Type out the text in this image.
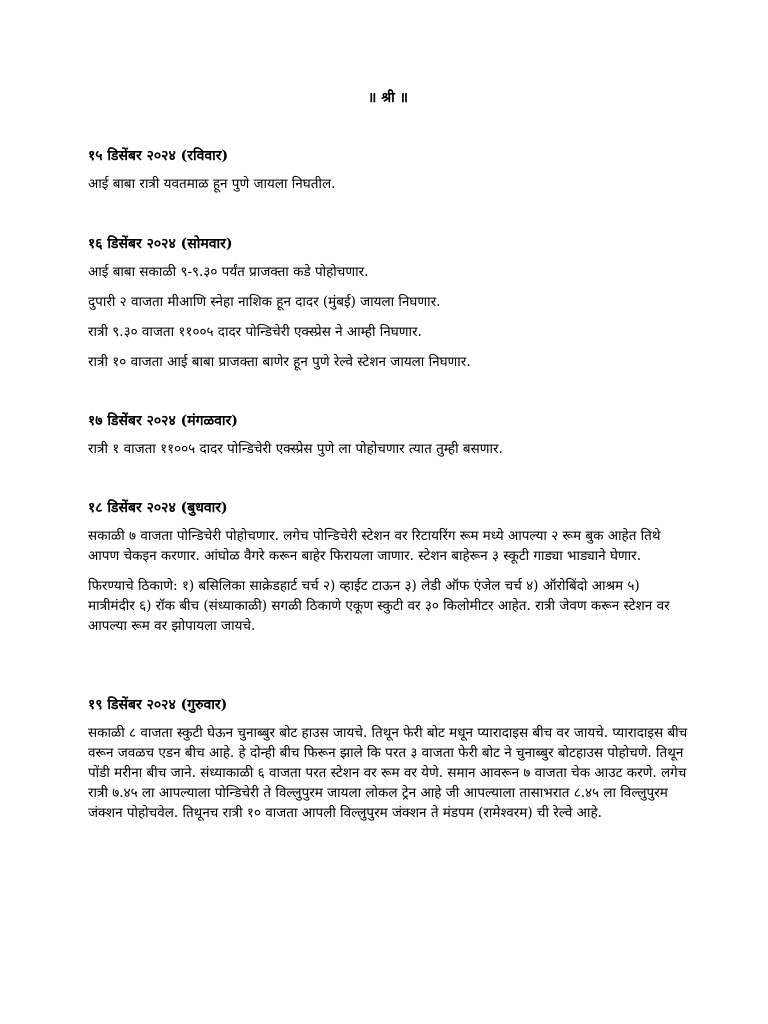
॥ श्री ॥
१५ डिसेंबर २०२४ (रविवार)
आई बाबा रात्री यवतमाळ हून पुणे जायला निघतील.
१६ डिसेंबर २०२४ (सोमवार)
आई बाबा सकाळी ९-९.३० पर्यंत प्राजक्ता कडे पोहोचणार.
दुपारी २ वाजता मीआणि स्नेहा नाशिक हून दादर (मुंबई) जायला निघणार.
रात्री ९.३० वाजता ११००५ दादर पोन्डिचेरी एक्स्प्रेस ने आम्ही निघणार.
रात्री १० वाजता आई बाबा प्राजक्ता बाणेर हून पुणे रेल्वे स्टेशन जायला निघणार.
१७ डिसेंबर २०२४ (मंगळवार)
रात्री १ वाजता ११००५ दादर पोन्डिचेरी एक्स्प्रेस पुणे ला पोहोचणार त्यात तुम्ही बसणार.
१८ डिसेंबर २०२४ (बुधवार)
सकाळी ७ वाजता पोन्डिचेरी पोहोचणार. लगेच पोन्डिचेरी स्टेशन वर रिटायरिंग रूम मध्ये आपल्या २ रूम बुक आहेत तिथे आपण चेकइन करणार. आंघोळ वैगरे करून बाहेर फिरायला जाणार. स्टेशन बाहेरून ३ स्कूटी गाड्या भाड्याने घेणार.
फिरण्याचे ठिकाणे: १) बसिलिका साक्रेडहार्ट चर्च २) व्हाईट टाऊन ३) लेडी ऑफ एंजेल चर्च ४) ऑरोबिंदो आश्रम ५) मात्रीमंदीर ६) रॉक बीच (संध्याकाळी) सगळी ठिकाणे एकूण स्कुटी वर ३० किलोमीटर आहेत. रात्री जेवण करून स्टेशन वर आपल्या रूम वर झोपायला जायचे.
१९ डिसेंबर २०२४ (गुरुवार)
सकाळी ८ वाजता स्कुटी घेऊन चुनाब्बुर बोट हाउस जायचे. तिथून फेरी बोट मधून प्यारादाइस बीच वर जायचे. प्यारादाइस बीच वरून जवळच एडन बीच आहे. हे दोन्ही बीच फिरून झाले कि परत ३ वाजता फेरी बोट ने चुनाब्बुर बोटहाउस पोहोचणे. तिथून पोंडी मरीना बीच जाने. संध्याकाळी ६ वाजता परत स्टेशन वर रूम वर येणे. समान आवरून ७ वाजता चेक आउट करणे. लगेच रात्री ७.४५ ला आपल्याला पोन्डिचेरी ते विल्लुपुरम जायला लोकल ट्रेन आहे जी आपल्याला तासाभरात ८.४५ ला विल्लुपुरम जंक्शन पोहोचवेल. तिथूनच रात्री १० वाजता आपली विल्लुपुरम जंक्शन ते मंडपम (रामेश्वरम) ची रेल्वे आहे.
